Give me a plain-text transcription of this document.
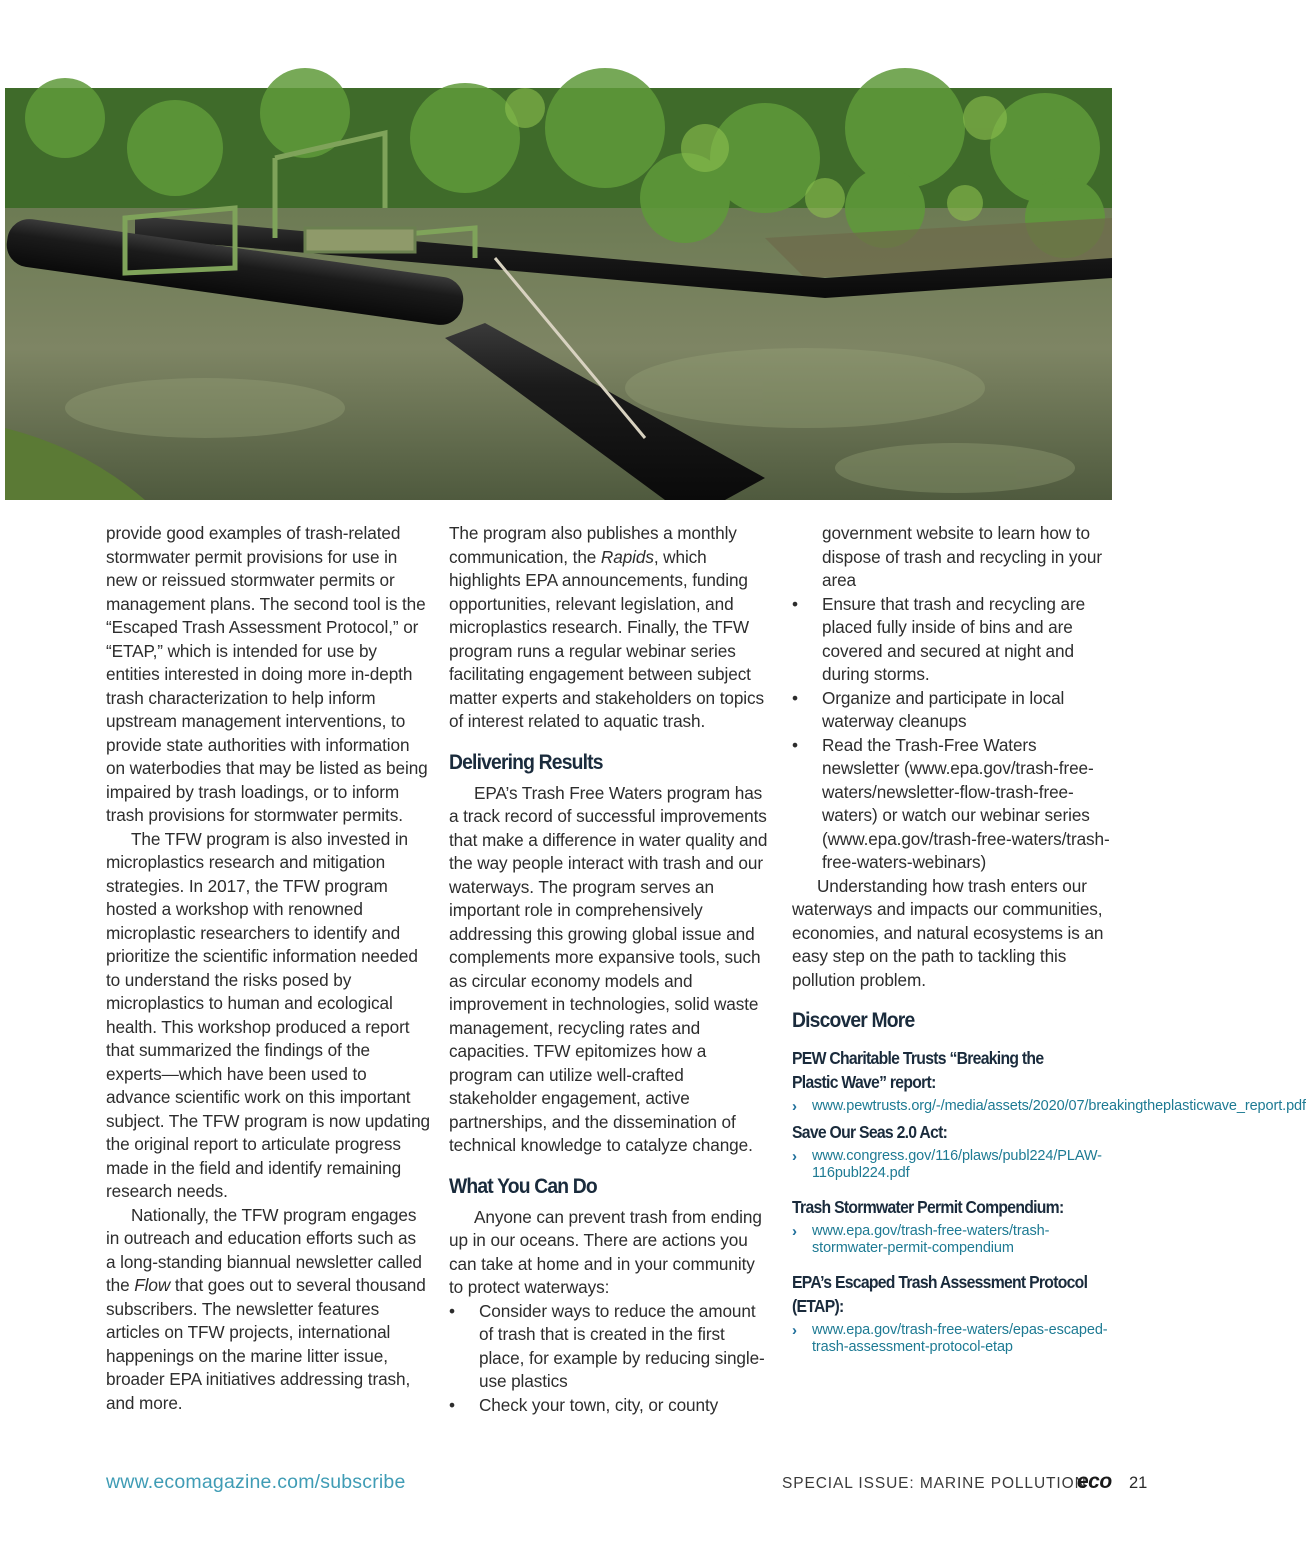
provide good examples of trash-related stormwater permit provisions for use in new or reissued stormwater permits or management plans. The second tool is the “Escaped Trash Assessment Protocol,” or “ETAP,” which is intended for use by entities interested in doing more in-depth trash characterization to help inform upstream management interventions, to provide state authorities with information on waterbodies that may be listed as being impaired by trash loadings, or to inform trash provisions for stormwater permits.

The TFW program is also invested in microplastics research and mitigation strategies. In 2017, the TFW program hosted a workshop with renowned microplastic researchers to identify and prioritize the scientific information needed to understand the risks posed by microplastics to human and ecological health. This workshop produced a report that summarized the findings of the experts—which have been used to advance scientific work on this important subject. The TFW program is now updating the original report to articulate progress made in the field and identify remaining research needs.

Nationally, the TFW program engages in outreach and education efforts such as a long-standing biannual newsletter called the Flow that goes out to several thousand subscribers. The newsletter features articles on TFW projects, international happenings on the marine litter issue, broader EPA initiatives addressing trash, and more.

The program also publishes a monthly communication, the Rapids, which highlights EPA announcements, funding opportunities, relevant legislation, and microplastics research. Finally, the TFW program runs a regular webinar series facilitating engagement between subject matter experts and stakeholders on topics of interest related to aquatic trash.

Delivering Results

EPA’s Trash Free Waters program has a track record of successful improvements that make a difference in water quality and the way people interact with trash and our waterways. The program serves an important role in comprehensively addressing this growing global issue and complements more expansive tools, such as circular economy models and improvement in technologies, solid waste management, recycling rates and capacities. TFW epitomizes how a program can utilize well-crafted stakeholder engagement, active partnerships, and the dissemination of technical knowledge to catalyze change.

What You Can Do

Anyone can prevent trash from ending up in our oceans. There are actions you can take at home and in your community to protect waterways:

• Consider ways to reduce the amount of trash that is created in the first place, for example by reducing single-use plastics
• Check your town, city, or county
government website to learn how to dispose of trash and recycling in your area
• Ensure that trash and recycling are placed fully inside of bins and are covered and secured at night and during storms.
• Organize and participate in local waterway cleanups
• Read the Trash-Free Waters newsletter (www.epa.gov/trash-free-waters/newsletter-flow-trash-free-waters) or watch our webinar series (www.epa.gov/trash-free-waters/trash-free-waters-webinars)

Understanding how trash enters our waterways and impacts our communities, economies, and natural ecosystems is an easy step on the path to tackling this pollution problem.

Discover More
PEW Charitable Trusts “Breaking the Plastic Wave” report:
› www.pewtrusts.org/-/media/assets/2020/07/breakingtheplasticwave_report.pdf
Save Our Seas 2.0 Act:
› www.congress.gov/116/plaws/publ224/PLAW-116publ224.pdf
Trash Stormwater Permit Compendium:
› www.epa.gov/trash-free-waters/trash-stormwater-permit-compendium
EPA’s Escaped Trash Assessment Protocol (ETAP):
› www.epa.gov/trash-free-waters/epas-escaped-trash-assessment-protocol-etap
www.ecomagazine.com/subscribe	SPECIAL ISSUE: MARINE POLLUTION
eco 21
